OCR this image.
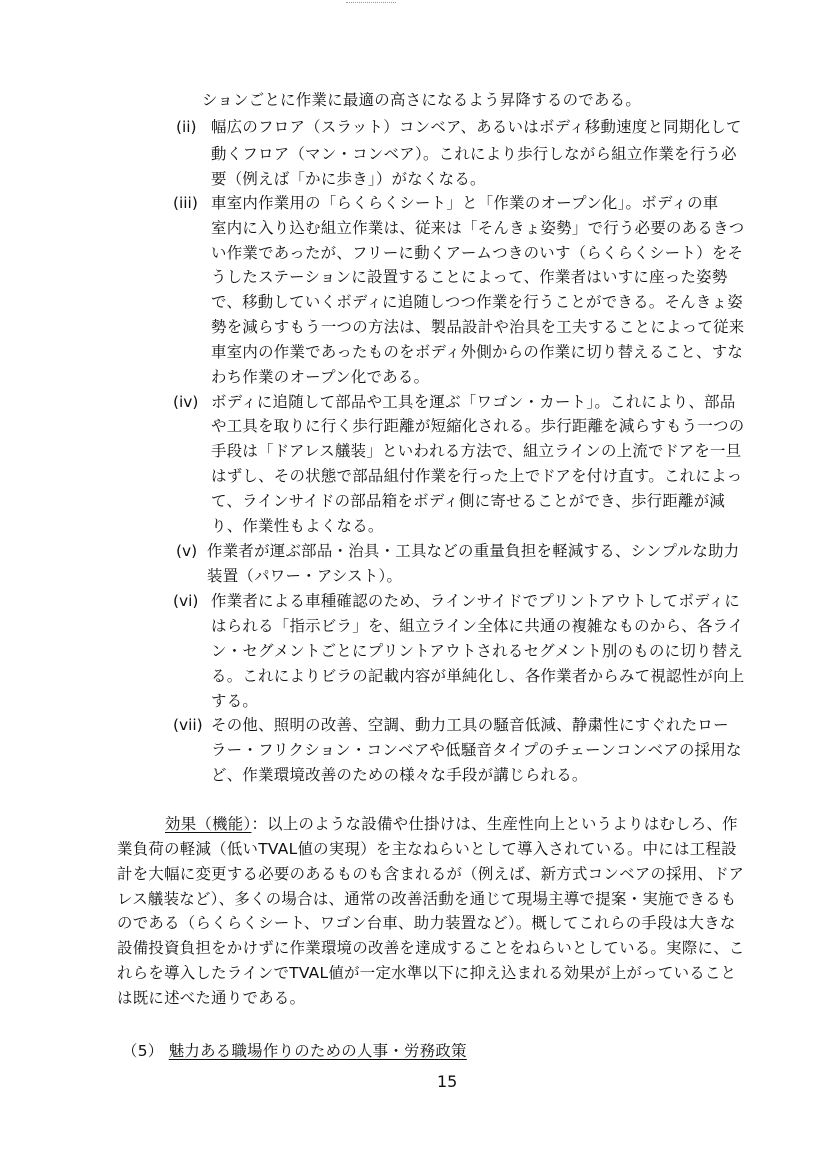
ションごとに作業に最適の高さになるよう昇降するのである。
(ii) 幅広のフロア（スラット）コンベア、あるいはボディ移動速度と同期化して
動くフロア（マン・コンベア）。これにより歩行しながら組立作業を行う必
要（例えば「かに歩き」）がなくなる。
(iii) 車室内作業用の「らくらくシート」と「作業のオープン化」。ボディの車
室内に入り込む組立作業は、従来は「そんきょ姿勢」で行う必要のあるきつ
い作業であったが、フリーに動くアームつきのいす（らくらくシート）をそ
うしたステーションに設置することによって、作業者はいすに座った姿勢
で、移動していくボディに追随しつつ作業を行うことができる。そんきょ姿
勢を減らすもう一つの方法は、製品設計や治具を工夫することによって従来
車室内の作業であったものをボディ外側からの作業に切り替えること、すな
わち作業のオープン化である。
(iv) ボディに追随して部品や工具を運ぶ「ワゴン・カート」。これにより、部品
や工具を取りに行く歩行距離が短縮化される。歩行距離を減らすもう一つの
手段は「ドアレス艤装」といわれる方法で、組立ラインの上流でドアを一旦
はずし、その状態で部品組付作業を行った上でドアを付け直す。これによっ
て、ラインサイドの部品箱をボディ側に寄せることができ、歩行距離が減
り、作業性もよくなる。
(v) 作業者が運ぶ部品・治具・工具などの重量負担を軽減する、シンプルな助力
装置（パワー・アシスト）。
(vi) 作業者による車種確認のため、ラインサイドでプリントアウトしてボディに
はられる「指示ビラ」を、組立ライン全体に共通の複雑なものから、各ライ
ン・セグメントごとにプリントアウトされるセグメント別のものに切り替え
る。これによりビラの記載内容が単純化し、各作業者からみて視認性が向上
する。
(vii) その他、照明の改善、空調、動力工具の騒音低減、静粛性にすぐれたロー
ラー・フリクション・コンベアや低騒音タイプのチェーンコンベアの採用な
ど、作業環境改善のための様々な手段が講じられる。
効果（機能）：以上のような設備や仕掛けは、生産性向上というよりはむしろ、作
業負荷の軽減（低いTVAL値の実現）を主なねらいとして導入されている。中には工程設
計を大幅に変更する必要のあるものも含まれるが（例えば、新方式コンベアの採用、ドア
レス艤装など）、多くの場合は、通常の改善活動を通じて現場主導で提案・実施できるも
のである（らくらくシート、ワゴン台車、助力装置など）。概してこれらの手段は大きな
設備投資負担をかけずに作業環境の改善を達成することをねらいとしている。実際に、こ
れらを導入したラインでTVAL値が一定水準以下に抑え込まれる効果が上がっていること
は既に述べた通りである。
（5） 魅力ある職場作りのための人事・労務政策
15
